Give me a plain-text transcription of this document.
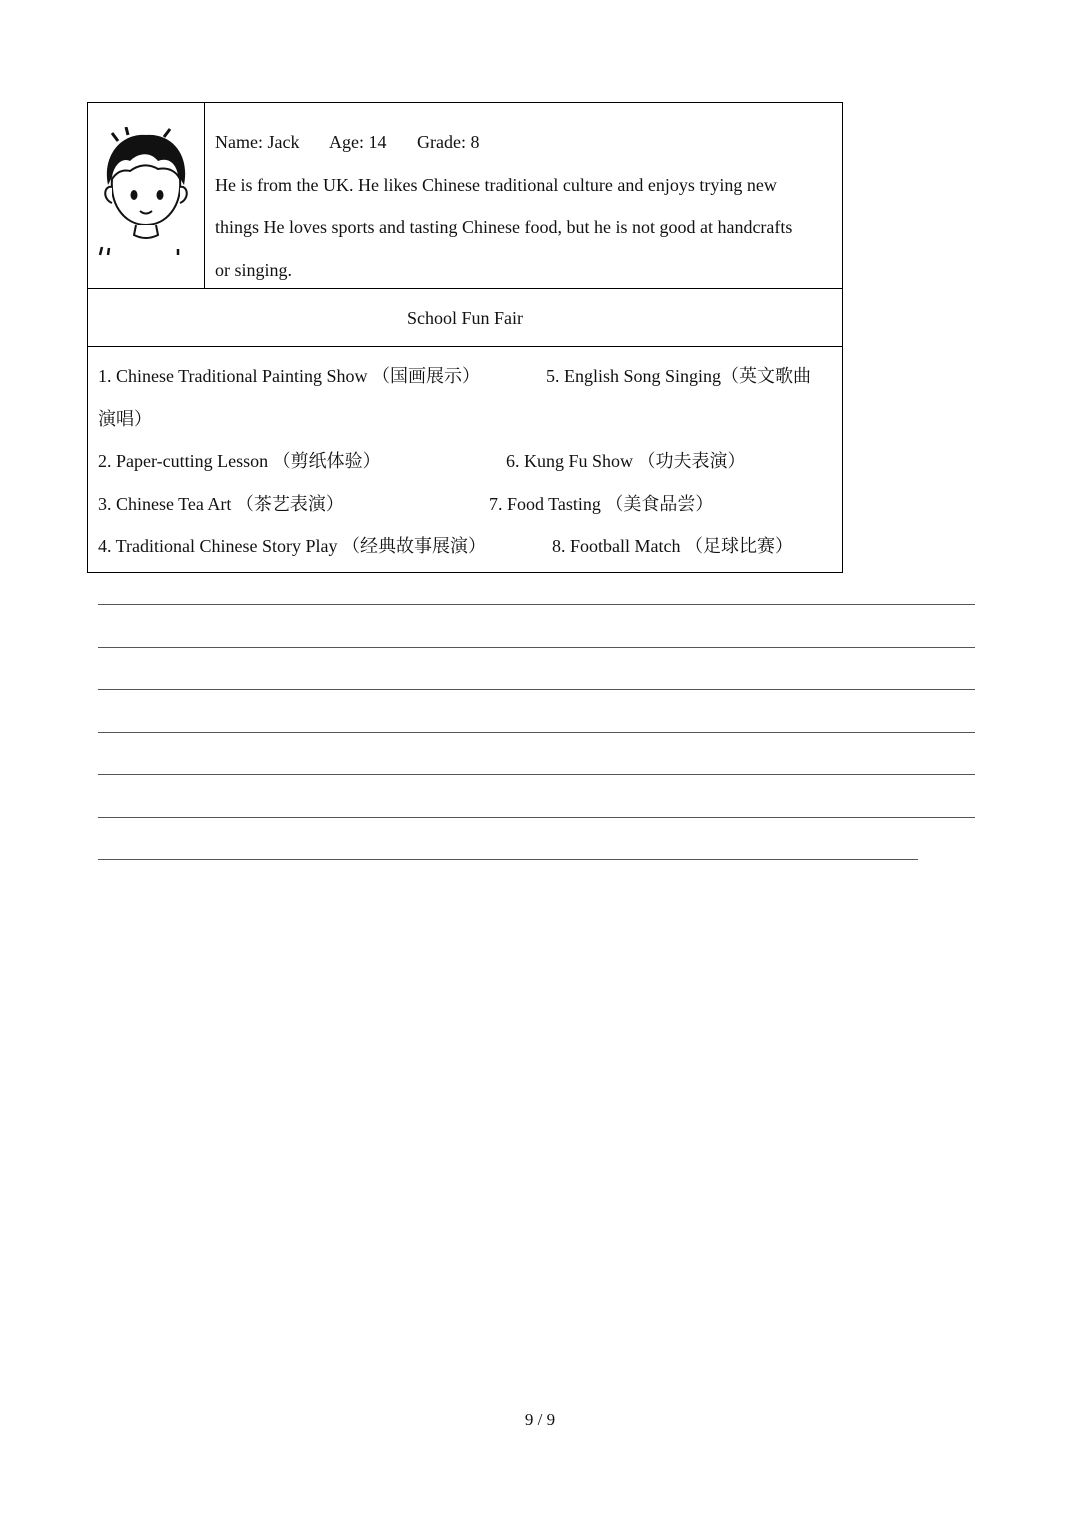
Name: Jack Age: 14 Grade: 8
He is from the UK. He likes Chinese traditional culture and enjoys trying new
things He loves sports and tasting Chinese food, but he is not good at handcrafts
or singing.
School Fun Fair
1. Chinese Traditional Painting Show （国画展示）	5. English Song Singing（英文歌曲
演唱）
2. Paper-cutting Lesson （剪纸体验）	6. Kung Fu Show （功夫表演）
3. Chinese Tea Art （茶艺表演）	7. Food Tasting （美食品尝）
4. Traditional Chinese Story Play （经典故事展演）	8. Football Match （足球比赛）
9 / 9
